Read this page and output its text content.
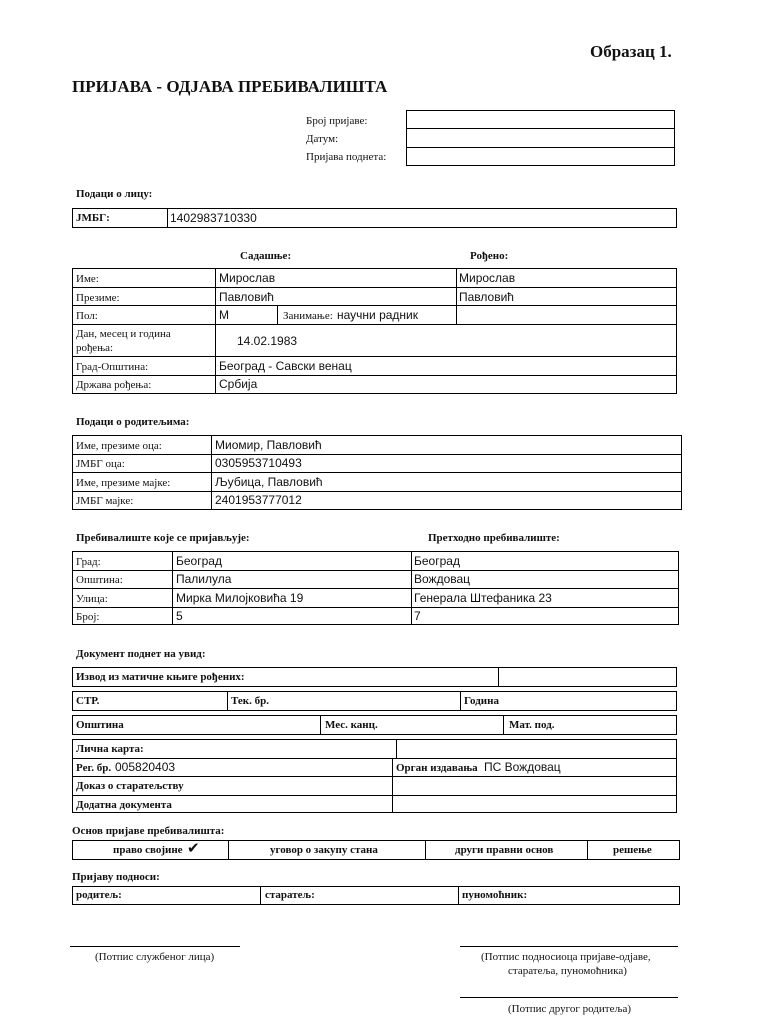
Образац 1.
ПРИЈАВА - ОДЈАВА ПРЕБИВАЛИШТА
Број пријаве:
Датум:
Пријава поднета:
Подаци о лицу:
ЈМБГ:	1402983710330
Садашње:	Рођено:
Име:	Мирослав	Мирослав
Презиме:	Павловић	Павловић
Пол:	М	Занимање: научни радник
Дан, месец и година
рођења:	14.02.1983
Град-Општина:	Београд - Савски венац
Држава рођења:	Србија
Подаци о родитељима:
Име, презиме оца:	Миомир, Павловић
ЈМБГ оца:	0305953710493
Име, презиме мајке:	Љубица, Павловић
ЈМБГ мајке:	2401953777012
Пребивалиште које се пријављује:	Претходно пребивалиште:
Град:	Београд	Београд
Општина:	Палилула	Вождовац
Улица:	Мирка Милојковића 19	Генерала Штефаника 23
Број:	5	7
Документ поднет на увид:
Извод из матичне књиге рођених:
СТР.	Тек. бр.	Година
Општина	Мес. канц.	Мат. под.
Лична карта:
Рег. бр. 005820403	Орган издавања ПС Вождовац
Доказ о старатељству
Додатна документа
Основ пријаве пребивалишта:
право својине ✔	уговор о закупу стана	други правни основ	решење
Пријаву подноси:
родитељ:	старатељ:	пуномоћник:
(Потпис службеног лица)	(Потпис подносиоца пријаве-одјаве,
старатеља, пуномоћника)
(Потпис другог родитеља)
